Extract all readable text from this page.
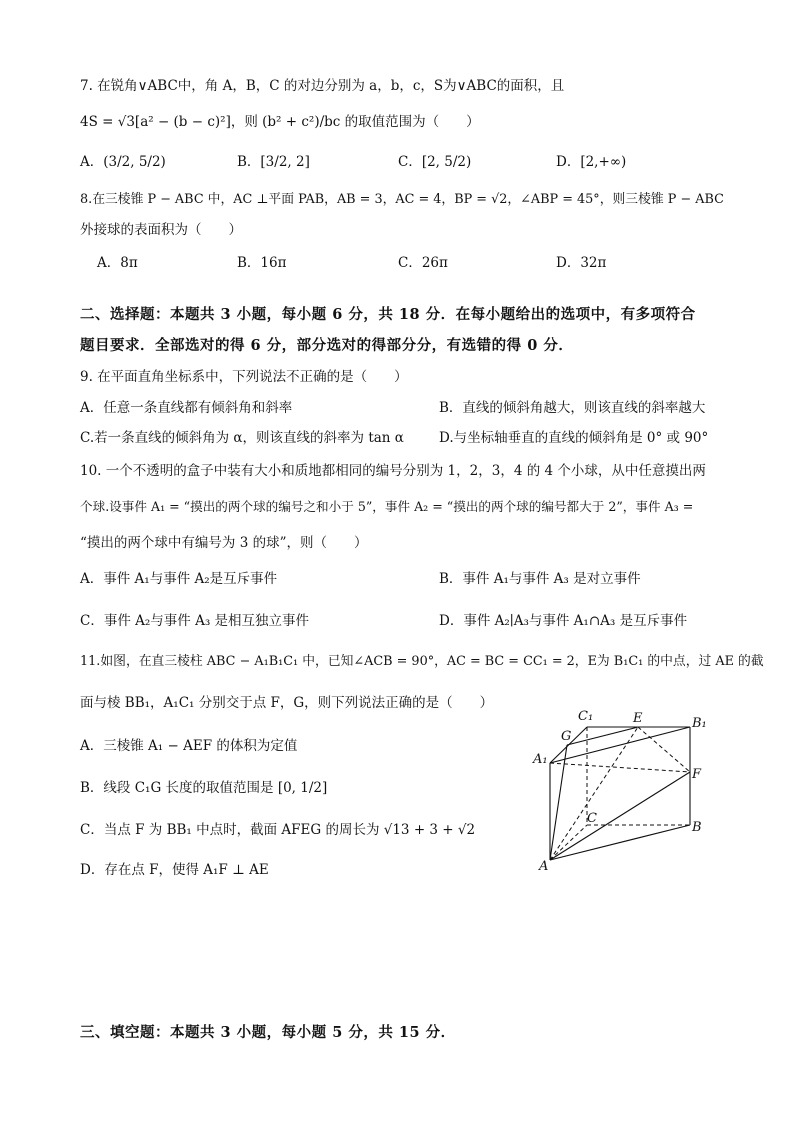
7. 在锐角∨ABC中，角 A，B，C 的对边分别为 a，b，c，S为∨ABC的面积，且
4S = √3[a² − (b − c)²]，则 (b² + c²)/bc 的取值范围为（　　）
A．(3/2, 5/2)	B．[3/2, 2]	C．[2, 5/2)	D．[2,+∞)
8.在三棱锥 P − ABC 中，AC ⊥平面 PAB，AB = 3，AC = 4，BP = √2，∠ABP = 45°，则三棱锥 P − ABC
外接球的表面积为（　　）
A．8π	B．16π	C．26π	D．32π
二、选择题：本题共 3 小题，每小题 6 分，共 18 分．在每小题给出的选项中，有多项符合
题目要求．全部选对的得 6 分，部分选对的得部分分，有选错的得 0 分．
9. 在平面直角坐标系中，下列说法不正确的是（　　）
A．任意一条直线都有倾斜角和斜率	B．直线的倾斜角越大，则该直线的斜率越大
C.若一条直线的倾斜角为 α，则该直线的斜率为 tan α	D.与坐标轴垂直的直线的倾斜角是 0° 或 90°
10. 一个不透明的盒子中装有大小和质地都相同的编号分别为 1，2，3，4 的 4 个小球，从中任意摸出两
个球.设事件 A₁ = “摸出的两个球的编号之和小于 5”，事件 A₂ = “摸出的两个球的编号都大于 2”，事件 A₃ =
“摸出的两个球中有编号为 3 的球”，则（　　）
A．事件 A₁与事件 A₂是互斥事件	B．事件 A₁与事件 A₃ 是对立事件
C．事件 A₂与事件 A₃ 是相互独立事件	D．事件 A₂∣A₃与事件 A₁∩A₃ 是互斥事件
11.如图，在直三棱柱 ABC − A₁B₁C₁ 中，已知∠ACB = 90°，AC = BC = CC₁ = 2，E为 B₁C₁ 的中点，过 AE 的截
面与棱 BB₁，A₁C₁ 分别交于点 F，G，则下列说法正确的是（　　）
A．三棱锥 A₁ − AEF 的体积为定值
B．线段 C₁G 长度的取值范围是 [0, 1/2]
C．当点 F 为 BB₁ 中点时，截面 AFEG 的周长为 √13 + 3 + √2
D．存在点 F，使得 A₁F ⊥ AE
C₁	E	B₁
G
A₁
F
C
B
A
三、填空题：本题共 3 小题，每小题 5 分，共 15 分．
